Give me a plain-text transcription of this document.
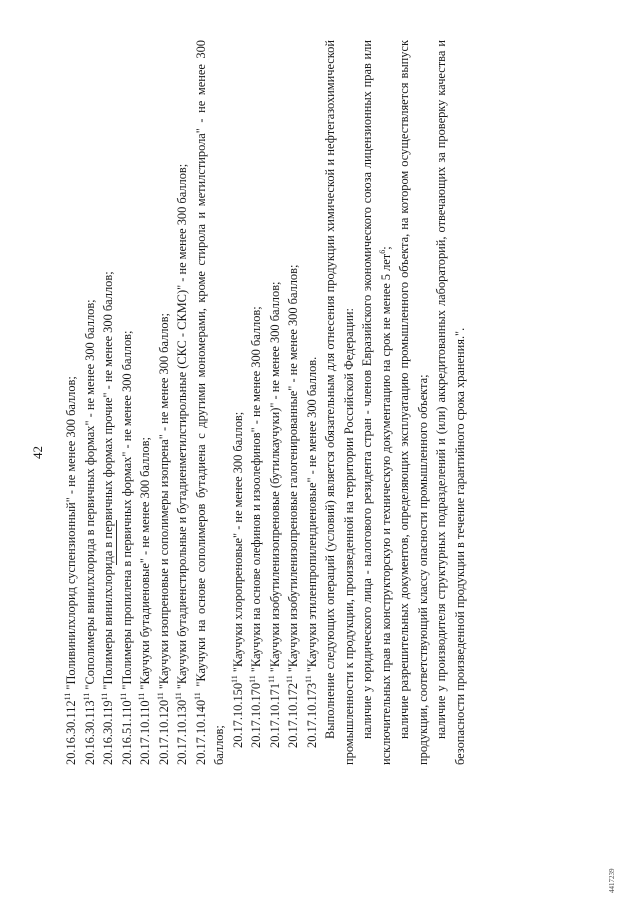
42
20.16.30.112$^{11}$ "Поливинилхлорид суспензионный" - не менее 300 баллов;
20.16.30.113$^{11}$ "Сополимеры винилхлорида в первичных формах" - не менее 300 баллов;
20.16.30.119$^{11}$ "Полимеры винилхлорида в первичных формах прочие" - не менее 300 баллов;
20.16.51.110$^{11}$ "Полимеры пропилена в первичных формах" - не менее 300 баллов;
20.17.10.110$^{11}$ "Каучуки бутадиеновые" - не менее 300 баллов;
20.17.10.120$^{11}$ "Каучуки изопреновые и сополимеры изопрена" - не менее 300 баллов;
20.17.10.130$^{11}$ "Каучуки бутадиенстирольные и бутадиенметилстирольные (СКС - СКМС)" - не менее 300 баллов;
20.17.10.140$^{11}$ "Каучуки на основе сополимеров бутадиена с другими мономерами, кроме стирола и метилстирола" - не менее 300 баллов; 20.17.10.150$^{11}$ "Каучуки хлоропреновые" - не менее 300 баллов;
20.17.10.170$^{11}$ "Каучуки на основе олефинов и изоолефинов" - не менее 300 баллов;
20.17.10.171$^{11}$ "Каучуки изобутиленизопреновые (бутилкаучуки)" - не менее 300 баллов;
20.17.10.172$^{11}$ "Каучуки изобутиленизопреновые галогенированные" - не менее 300 баллов;
20.17.10.173$^{11}$ "Каучуки этиленпропилендиеновые" - не менее 300 баллов. Выполнение следующих операций (условий) является обязательным для отнесения продукции химической и нефтегазохимической промышленности к продукции, произведенной на территории Российской Федерации: наличие у юридического лица - налогового резидента стран - членов Евразийского экономического союза лицензионных прав или исключительных прав на конструкторскую и техническую документацию на срок не менее 5 лет$^6$; наличие разрешительных документов, определяющих эксплуатацию промышленного объекта, на котором осуществляется выпуск продукции, соответствующий классу опасности промышленного объекта; наличие у производителя структурных подразделений и (или) аккредитованных лабораторий, отвечающих за проверку качества и безопасности произведенной продукции в течение гарантийного срока хранения.".
4417239
